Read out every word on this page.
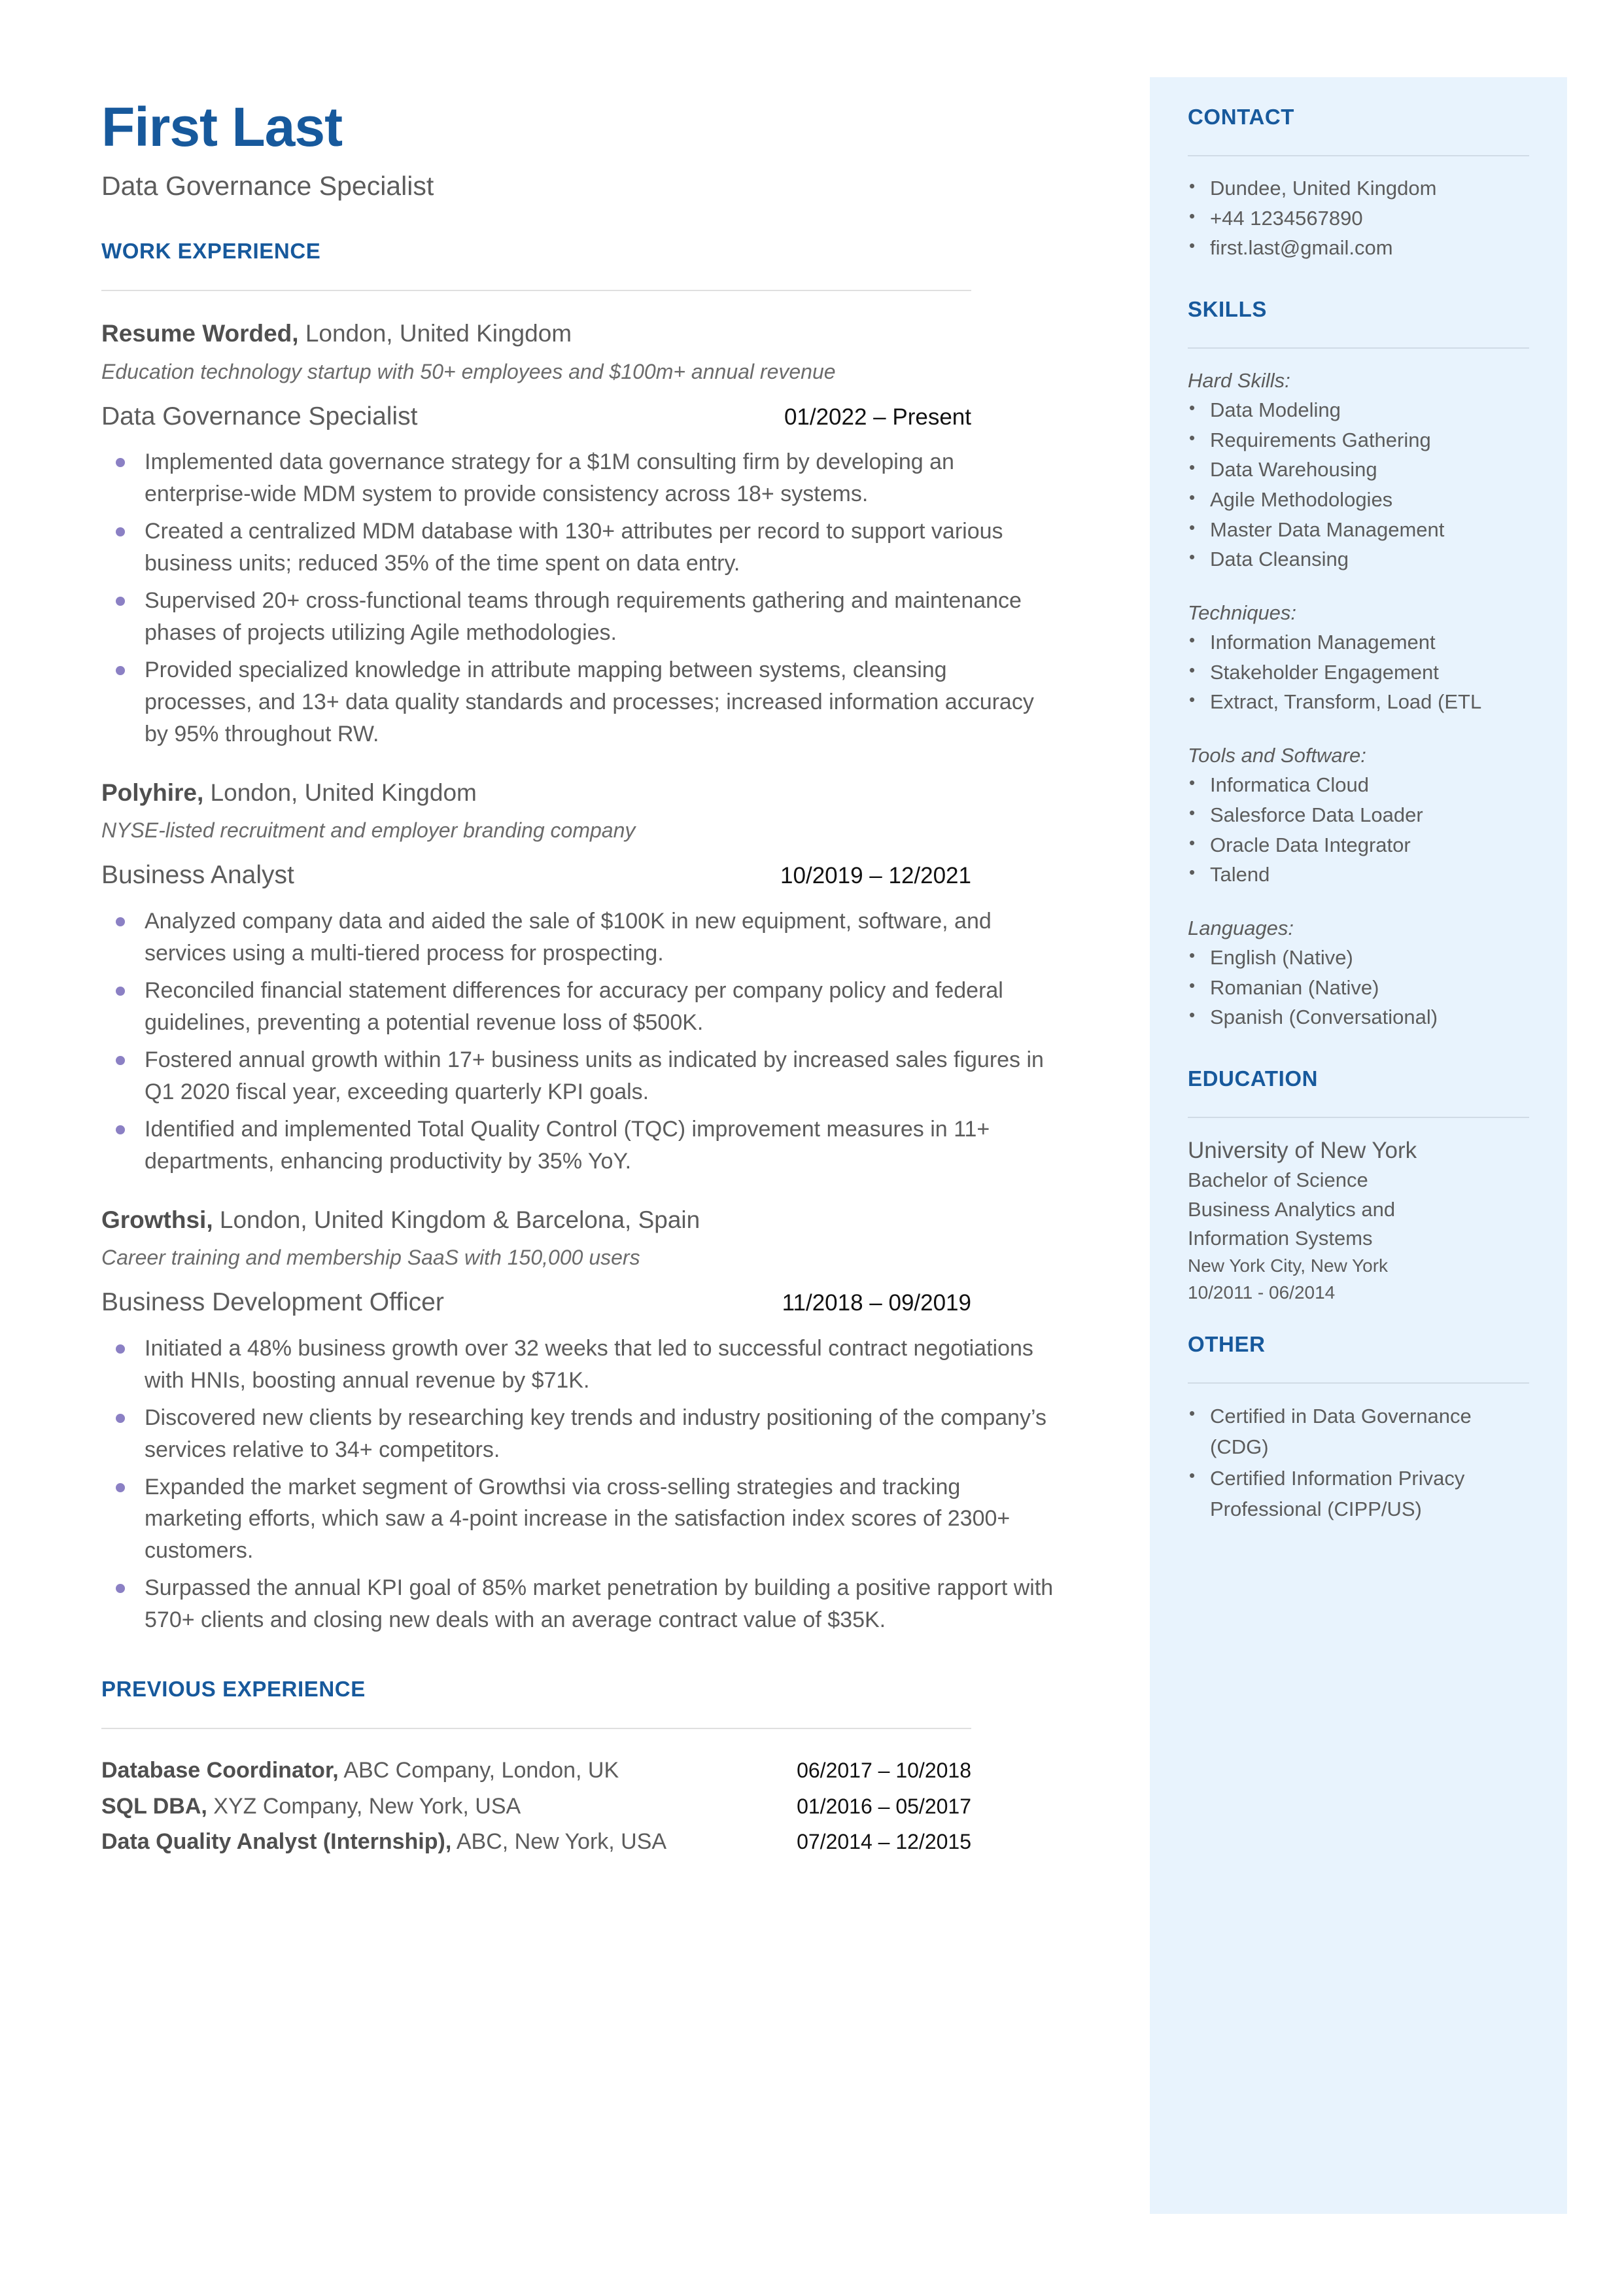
CONTACT
• Dundee, United Kingdom
• +44 1234567890
• first.last@gmail.com
SKILLS

Hard Skills:

• Data Modeling
• Requirements Gathering
• Data Warehousing
• Agile Methodologies
• Master Data Management
• Data Cleansing

Techniques:

• Information Management
• Stakeholder Engagement
• Extract, Transform, Load (ETL

Tools and Software:

• Informatica Cloud
• Salesforce Data Loader
• Oracle Data Integrator
• Talend

Languages:

• English (Native)
• Romanian (Native)
• Spanish (Conversational)
EDUCATION

University of New York

Bachelor of Science

Business Analytics and

Information Systems

New York City, New York

10/2011 - 06/2014

OTHER

• Certified in Data Governance (CDG)

• Certified Information Privacy Professional (CIPP/US)

First Last

Data Governance Specialist

WORK EXPERIENCE

Resume Worded, London, United Kingdom

Education technology startup with 50+ employees and $100m+ annual revenue

Data Governance Specialist	01/2022 – Present
Implemented data governance strategy for a $1M consulting firm by developing an enterprise-wide MDM system to provide consistency across 18+ systems.
Created a centralized MDM database with 130+ attributes per record to support various business units; reduced 35% of the time spent on data entry.
Supervised 20+ cross-functional teams through requirements gathering and maintenance phases of projects utilizing Agile methodologies.
Provided specialized knowledge in attribute mapping between systems, cleansing processes, and 13+ data quality standards and processes; increased information accuracy by 95% throughout RW.

Polyhire, London, United Kingdom

NYSE-listed recruitment and employer branding company

Business Analyst	10/2019 – 12/2021
Analyzed company data and aided the sale of $100K in new equipment, software, and services using a multi-tiered process for prospecting.
Reconciled financial statement differences for accuracy per company policy and federal guidelines, preventing a potential revenue loss of $500K.
Fostered annual growth within 17+ business units as indicated by increased sales figures in Q1 2020 fiscal year, exceeding quarterly KPI goals.
Identified and implemented Total Quality Control (TQC) improvement measures in 11+ departments, enhancing productivity by 35% YoY.

Growthsi, London, United Kingdom & Barcelona, Spain

Career training and membership SaaS with 150,000 users

Business Development Officer	11/2018 – 09/2019
Initiated a 48% business growth over 32 weeks that led to successful contract negotiations with HNIs, boosting annual revenue by $71K.
Discovered new clients by researching key trends and industry positioning of the company’s services relative to 34+ competitors.
Expanded the market segment of Growthsi via cross-selling strategies and tracking marketing efforts, which saw a 4-point increase in the satisfaction index scores of 2300+ customers.
Surpassed the annual KPI goal of 85% market penetration by building a positive rapport with 570+ clients and closing new deals with an average contract value of $35K.
PREVIOUS EXPERIENCE
Database Coordinator, ABC Company, London, UK	06/2017 – 10/2018
SQL DBA, XYZ Company, New York, USA	01/2016 – 05/2017
Data Quality Analyst (Internship), ABC, New York, USA	07/2014 – 12/2015
